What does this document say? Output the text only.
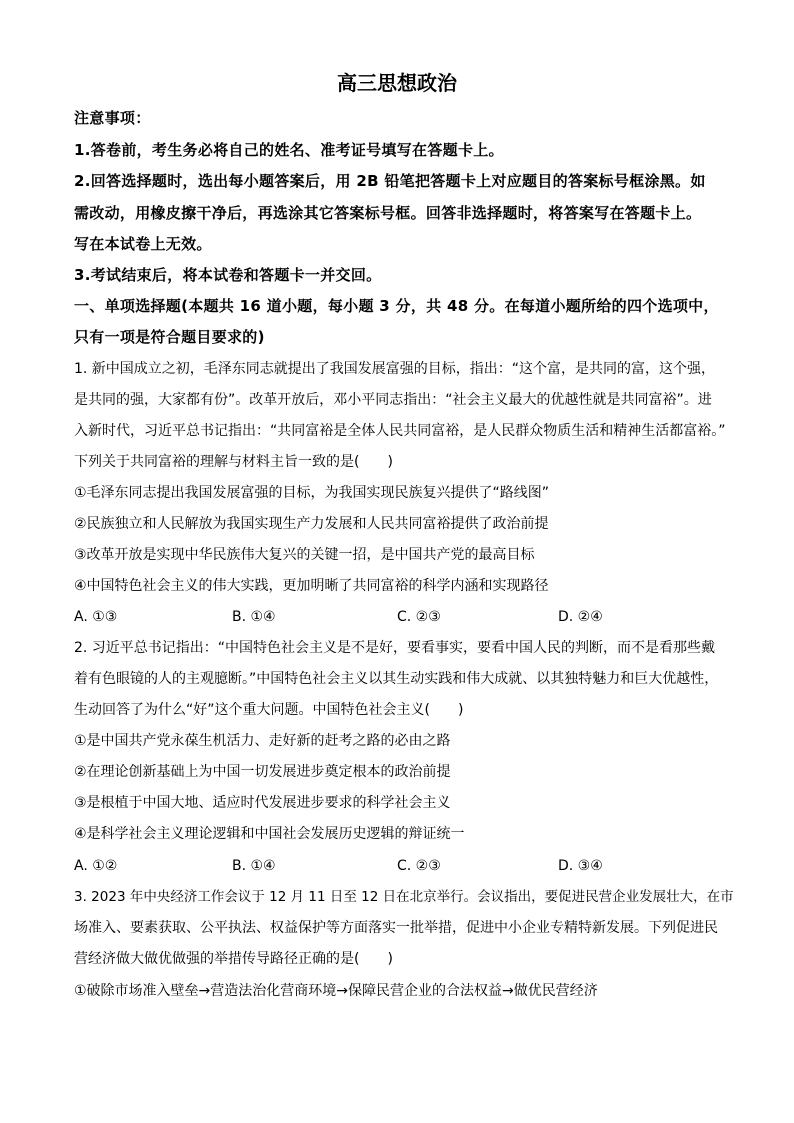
高三思想政治
注意事项：
1.答卷前，考生务必将自己的姓名、准考证号填写在答题卡上。
2.回答选择题时，选出每小题答案后，用 2B 铅笔把答题卡上对应题目的答案标号框涂黑。如
需改动，用橡皮擦干净后，再选涂其它答案标号框。回答非选择题时，将答案写在答题卡上。
写在本试卷上无效。
3.考试结束后，将本试卷和答题卡一并交回。
一、单项选择题(本题共 16 道小题，每小题 3 分，共 48 分。在每道小题所给的四个选项中，
只有一项是符合题目要求的)
1. 新中国成立之初，毛泽东同志就提出了我国发展富强的目标，指出：“这个富，是共同的富，这个强，
是共同的强，大家都有份”。改革开放后，邓小平同志指出：“社会主义最大的优越性就是共同富裕”。进
入新时代，习近平总书记指出：“共同富裕是全体人民共同富裕，是人民群众物质生活和精神生活都富裕。”
下列关于共同富裕的理解与材料主旨一致的是(　　)
①毛泽东同志提出我国发展富强的目标，为我国实现民族复兴提供了“路线图”
②民族独立和人民解放为我国实现生产力发展和人民共同富裕提供了政治前提
③改革开放是实现中华民族伟大复兴的关键一招，是中国共产党的最高目标
④中国特色社会主义的伟大实践，更加明晰了共同富裕的科学内涵和实现路径
A. ①③	B. ①④	C. ②③	D. ②④
2. 习近平总书记指出：“中国特色社会主义是不是好，要看事实，要看中国人民的判断，而不是看那些戴
着有色眼镜的人的主观臆断。”中国特色社会主义以其生动实践和伟大成就、以其独特魅力和巨大优越性，
生动回答了为什么“好”这个重大问题。中国特色社会主义(　　)
①是中国共产党永葆生机活力、走好新的赶考之路的必由之路
②在理论创新基础上为中国一切发展进步奠定根本的政治前提
③是根植于中国大地、适应时代发展进步要求的科学社会主义
④是科学社会主义理论逻辑和中国社会发展历史逻辑的辩证统一
A. ①②	B. ①④	C. ②③	D. ③④
3. 2023 年中央经济工作会议于 12 月 11 日至 12 日在北京举行。会议指出，要促进民营企业发展壮大，在市
场准入、要素获取、公平执法、权益保护等方面落实一批举措，促进中小企业专精特新发展。下列促进民
营经济做大做优做强的举措传导路径正确的是(　　)
①破除市场准入壁垒→营造法治化营商环境→保障民营企业的合法权益→做优民营经济
